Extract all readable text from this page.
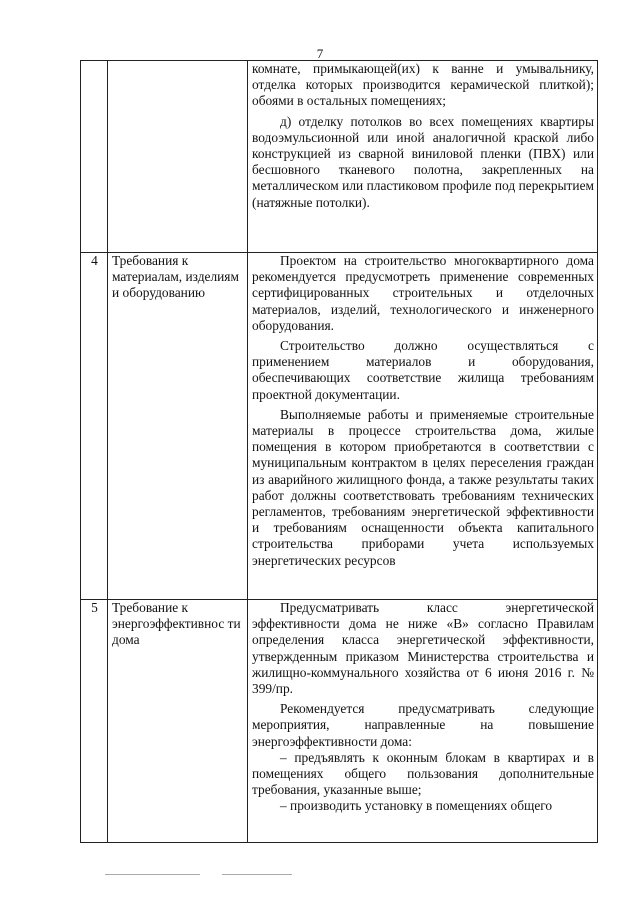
7

		комнате, примыкающей(их) к ванне и умывальнику, отделка которых производится керамической плиткой); обоями в остальных помещениях;

д) отделку потолков во всех помещениях квартиры водоэмульсионной или иной аналогичной краской либо конструкцией из сварной виниловой пленки (ПВХ) или бесшовного тканевого полотна, закрепленных на металлическом или пластиковом профиле под перекрытием (натяжные потолки).

4	Требования к материалам, изделиям и оборудованию	Проектом на строительство многоквартирного дома рекомендуется предусмотреть применение современных сертифицированных строительных и отделочных материалов, изделий, технологического и инженерного оборудования.

Строительство должно осуществляться с применением материалов и оборудования, обеспечивающих соответствие жилища требованиям проектной документации.

Выполняемые работы и применяемые строительные материалы в процессе строительства дома, жилые помещения в котором приобретаются в соответствии с муниципальным контрактом в целях переселения граждан из аварийного жилищного фонда, а также результаты таких работ должны соответствовать требованиям технических регламентов, требованиям энергетической эффективности и требованиям оснащенности объекта капитального строительства приборами учета используемых энергетических ресурсов

5	Требование к энергоэффективнос ти дома	Предусматривать класс энергетической эффективности дома не ниже «В» согласно Правилам определения класса энергетической эффективности, утвержденным приказом Министерства строительства и жилищно-коммунального хозяйства от 6 июня 2016 г. № 399/пр.

Рекомендуется предусматривать следующие мероприятия, направленные на повышение энергоэффективности дома:

– предъявлять к оконным блокам в квартирах и в помещениях общего пользования дополнительные требования, указанные выше;

– производить установку в помещениях общего
